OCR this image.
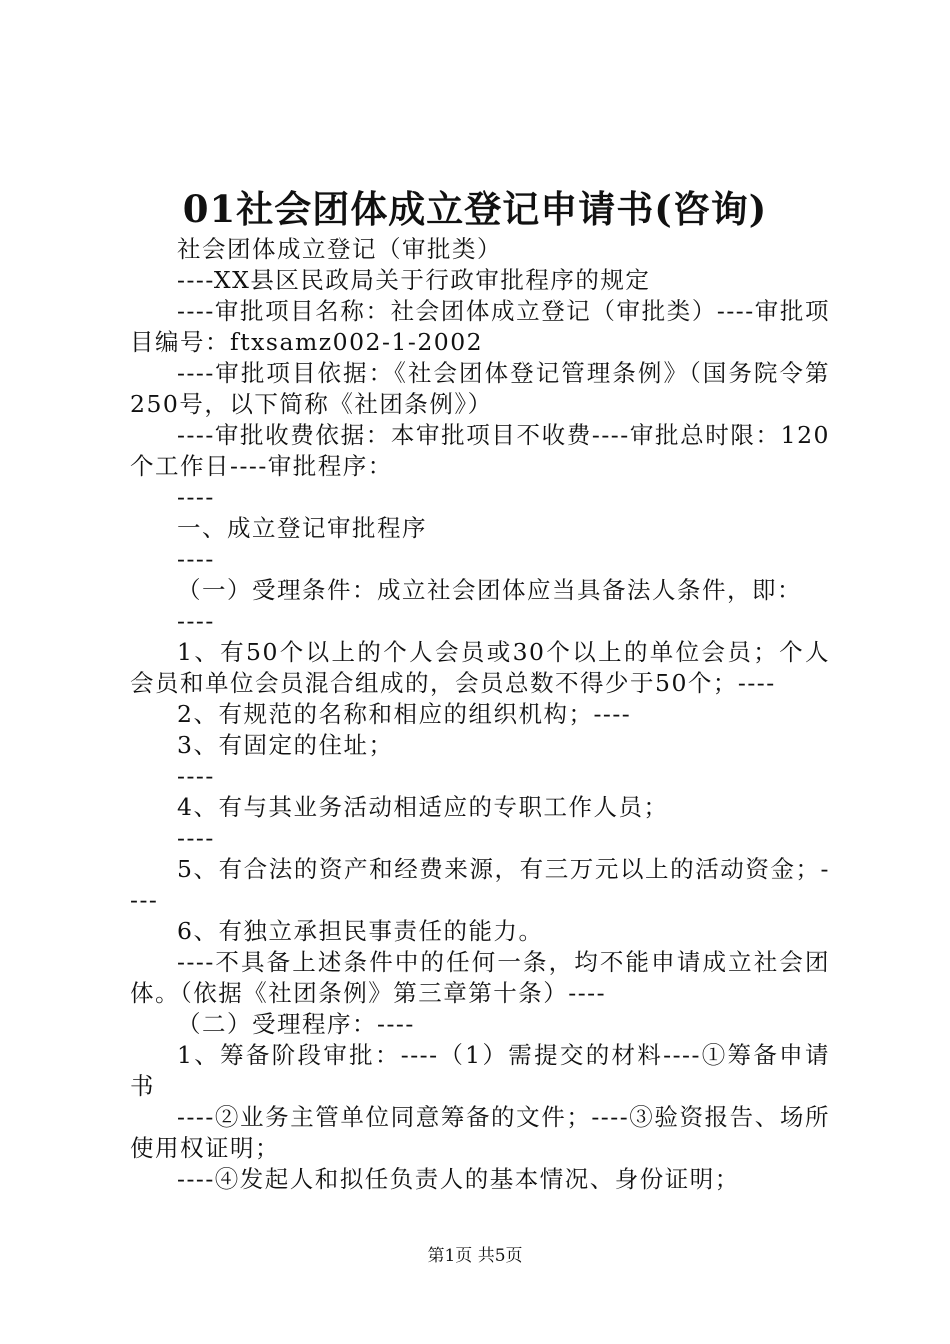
01社会团体成立登记申请书(咨询)

社会团体成立登记（审批类）

----XX县区民政局关于行政审批程序的规定

----审批项目名称：社会团体成立登记（审批类）----审批项目编号：ftxsamz002-1-2002

----审批项目依据：《社会团体登记管理条例》（国务院令第250号，以下简称《社团条例》）

----审批收费依据：本审批项目不收费----审批总时限：120个工作日----审批程序：

----

一、成立登记审批程序

----

（一）受理条件：成立社会团体应当具备法人条件，即：

----

1、有50个以上的个人会员或30个以上的单位会员；个人会员和单位会员混合组成的，会员总数不得少于50个；----

2、有规范的名称和相应的组织机构；----

3、有固定的住址；

----

4、有与其业务活动相适应的专职工作人员；

----

5、有合法的资产和经费来源，有三万元以上的活动资金；----

6、有独立承担民事责任的能力。

----不具备上述条件中的任何一条，均不能申请成立社会团体。（依据《社团条例》第三章第十条）----

（二）受理程序：----

1、筹备阶段审批：----（1）需提交的材料----①筹备申请书

----②业务主管单位同意筹备的文件；----③验资报告、场所使用权证明；

----④发起人和拟任负责人的基本情况、身份证明；

第1页 共5页
